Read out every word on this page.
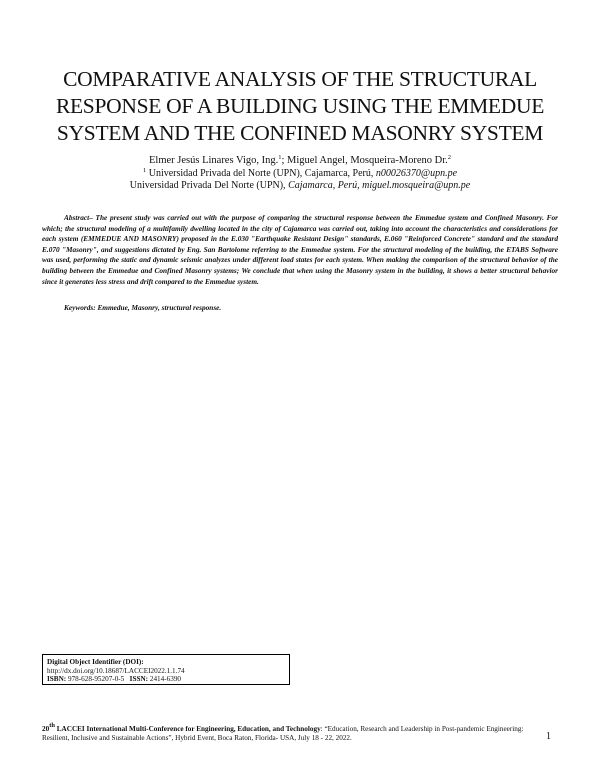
COMPARATIVE ANALYSIS OF THE STRUCTURAL
RESPONSE OF A BUILDING USING THE EMMEDUE
SYSTEM AND THE CONFINED MASONRY SYSTEM
Elmer Jesús Linares Vigo, Ing.$^1$; Miguel Angel, Mosqueira-Moreno Dr.$^2$
$^1$ Universidad Privada del Norte (UPN), Cajamarca, Perú, n00026370@upn.pe
Universidad Privada Del Norte (UPN), Cajamarca, Perú, miguel.mosqueira@upn.pe

Abstract– The present study was carried out with the purpose of comparing the structural response between the Emmedue system and Confined Masonry. For which; the structural modeling of a multifamily dwelling located in the city of Cajamarca was carried out, taking into account the characteristics and considerations for each system (EMMEDUE AND MASONRY) proposed in the E.030 "Earthquake Resistant Design" standards, E.060 "Reinforced Concrete" standard and the standard E.070 "Masonry", and suggestions dictated by Eng. San Bartolome referring to the Emmedue system. For the structural modeling of the building, the ETABS Software was used, performing the static and dynamic seismic analyzes under different load states for each system. When making the comparison of the structural behavior of the building between the Emmedue and Confined Masonry systems; We conclude that when using the Masonry system in the building, it shows a better structural behavior since it generates less stress and drift compared to the Emmedue system.

Keywords: Emmedue, Masonry, structural response.
Digital Object Identifier (DOI):
http://dx.doi.org/10.18687/LACCEI2022.1.1.74
ISBN: 978-628-95207-0-5 ISSN: 2414-6390
20th LACCEI International Multi-Conference for Engineering, Education, and Technology: “Education, Research and Leadership in Post-pandemic Engineering: Resilient, Inclusive and Sustainable Actions”, Hybrid Event, Boca Raton, Florida- USA, July 18 - 22, 2022.	1
